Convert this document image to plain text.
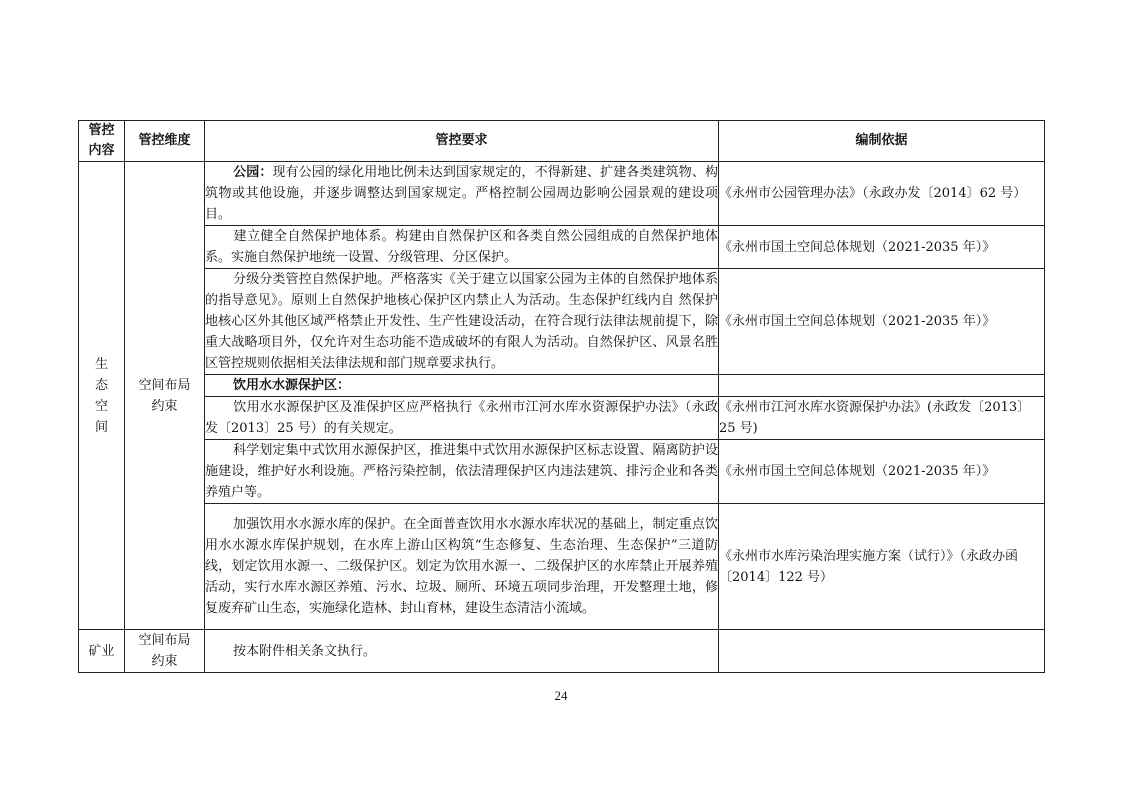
管控内容	管控维度	管控要求	编制依据

生态空间	空间布局约束	公园：现有公园的绿化用地比例未达到国家规定的，不得新建、扩建各类建筑物、构筑物或其他设施，并逐步调整达到国家规定。严格控制公园周边影响公园景观的建设项目。	《永州市公园管理办法》（永政办发〔2014〕62 号）
		建立健全自然保护地体系。构建由自然保护区和各类自然公园组成的自然保护地体系。实施自然保护地统一设置、分级管理、分区保护。	《永州市国土空间总体规划（2021-2035 年）》
		分级分类管控自然保护地。严格落实《关于建立以国家公园为主体的自然保护地体系的指导意见》。原则上自然保护地核心保护区内禁止人为活动。生态保护红线内自 然保护地核心区外其他区域严格禁止开发性、生产性建设活动，在符合现行法律法规前提下，除重大战略项目外，仅允许对生态功能不造成破坏的有限人为活动。自然保护区、风景名胜区管控规则依据相关法律法规和部门规章要求执行。	《永州市国土空间总体规划（2021-2035 年）》
		饮用水水源保护区：	
		饮用水水源保护区及准保护区应严格执行《永州市江河水库水资源保护办法》（永政发〔2013〕25 号）的有关规定。	《永州市江河水库水资源保护办法》(永政发〔2013〕25 号)
		科学划定集中式饮用水源保护区，推进集中式饮用水源保护区标志设置、隔离防护设施建设，维护好水利设施。严格污染控制，依法清理保护区内违法建筑、排污企业和各类养殖户等。	《永州市国土空间总体规划（2021-2035 年）》
		加强饮用水水源水库的保护。在全面普查饮用水水源水库状况的基础上，制定重点饮用水水源水库保护规划，在水库上游山区构筑“生态修复、生态治理、生态保护”三道防线，划定饮用水源一、二级保护区。划定为饮用水源一、二级保护区的水库禁止开展养殖活动，实行水库水源区养殖、污水、垃圾、厕所、环境五项同步治理，开发整理土地，修复废弃矿山生态，实施绿化造林、封山育林，建设生态清洁小流域。	《永州市水库污染治理实施方案（试行）》（永政办函〔2014〕122 号）
矿业	空间布局约束	按本附件相关条文执行。	
24
